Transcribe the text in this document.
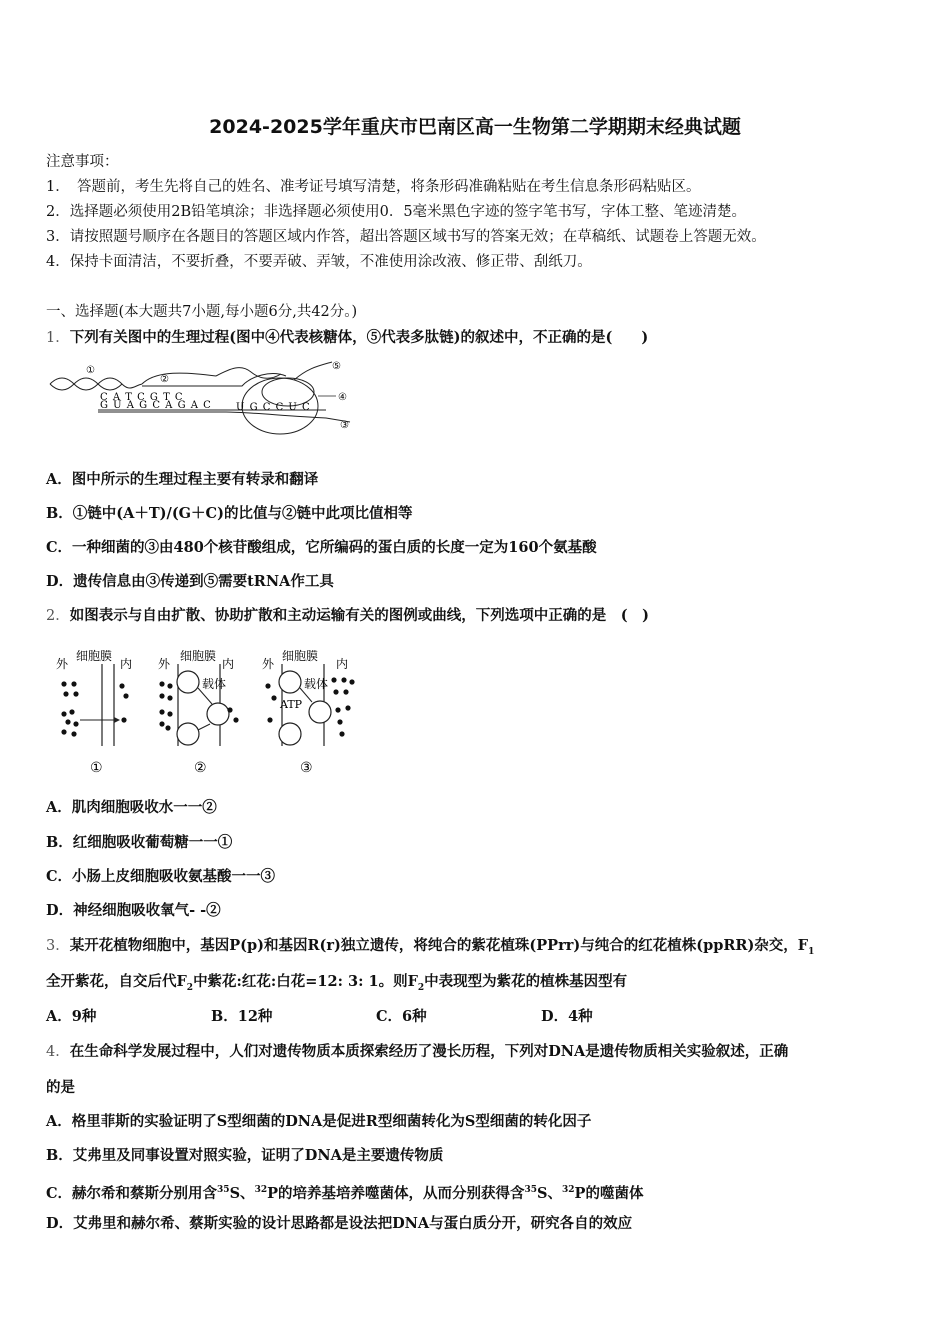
2024-2025学年重庆市巴南区高一生物第二学期期末经典试题
注意事项：
1．　答题前，考生先将自己的姓名、准考证号填写清楚，将条形码准确粘贴在考生信息条形码粘贴区。
2．选择题必须使用2B铅笔填涂；非选择题必须使用0．5毫米黑色字迹的签字笔书写，字体工整、笔迹清楚。
3．请按照题号顺序在各题目的答题区域内作答，超出答题区域书写的答案无效；在草稿纸、试题卷上答题无效。
4．保持卡面清洁，不要折叠，不要弄破、弄皱，不准使用涂改液、修正带、刮纸刀。
一、选择题(本大题共7小题,每小题6分,共42分。)
1．下列有关图中的生理过程(图中④代表核糖体，⑤代表多肽链)的叙述中，不正确的是(　　)
①
②
③
④
⑤
C A T C G T C
G U A G C A G A C U G C C U C
A．图中所示的生理过程主要有转录和翻译
B．①链中(A＋T)/(G＋C)的比值与②链中此项比值相等
C．一种细菌的③由480个核苷酸组成，它所编码的蛋白质的长度一定为160个氨基酸
D．遗传信息由③传递到⑤需要tRNA作工具
2．如图表示与自由扩散、协助扩散和主动运输有关的图例或曲线，下列选项中正确的是　(　)
外
细胞膜
内
①
外
细胞膜
内
载体
②
外
细胞膜
内
载体
ATP
③
A．肌肉细胞吸收水一一②
B．红细胞吸收葡萄糖一一①
C．小肠上皮细胞吸收氨基酸一一③
D．神经细胞吸收氧气- -②
3．某开花植物细胞中，基因P(p)和基因R(r)独立遗传，将纯合的紫花植珠(PPrr)与纯合的红花植株(ppRR)杂交，$F_1$
全开紫花，自交后代$F_2$中紫花:红花:白花=12: 3: 1。则$F_2$中表现型为紫花的植株基因型有
A．9种	B．12种	C．6种	D．4种
4．在生命科学发展过程中，人们对遗传物质本质探索经历了漫长历程，下列对DNA是遗传物质相关实验叙述，正确
的是
A．格里菲斯的实验证明了S型细菌的DNA是促进R型细菌转化为S型细菌的转化因子
B．艾弗里及同事设置对照实验，证明了DNA是主要遗传物质
C．赫尔希和蔡斯分别用含$^{35}$S、$^{32}$P的培养基培养噬菌体，从而分别获得含$^{35}$S、$^{32}$P的噬菌体
D．艾弗里和赫尔希、蔡斯实验的设计思路都是设法把DNA与蛋白质分开，研究各自的效应
